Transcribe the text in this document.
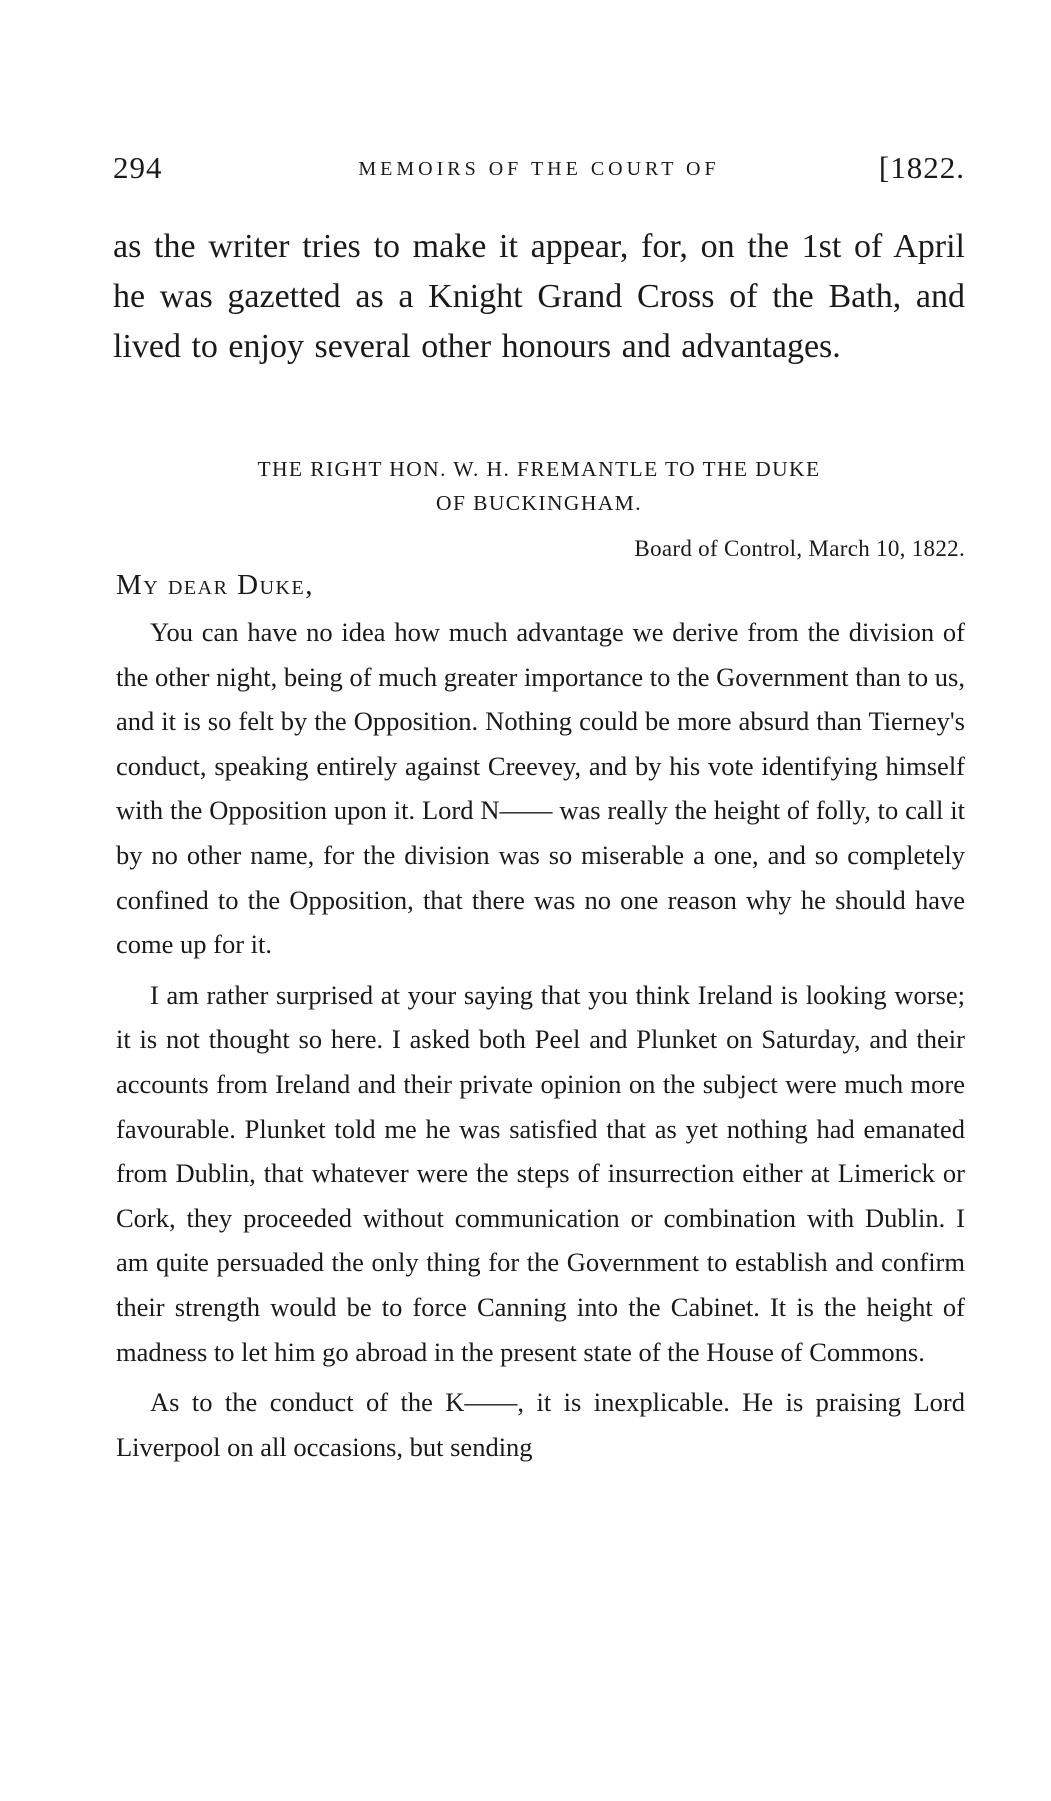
294	MEMOIRS OF THE COURT OF	[1822.
as the writer tries to make it appear, for, on the 1st of April he was gazetted as a Knight Grand Cross of the Bath, and lived to enjoy several other honours and advantages.
THE RIGHT HON. W. H. FREMANTLE TO THE DUKE
OF BUCKINGHAM.
Board of Control, March 10, 1822.
My dear Duke,

You can have no idea how much advantage we derive from the division of the other night, being of much greater importance to the Government than to us, and it is so felt by the Opposition. Nothing could be more absurd than Tierney's conduct, speaking entirely against Creevey, and by his vote identifying himself with the Opposition upon it. Lord N—— was really the height of folly, to call it by no other name, for the division was so miserable a one, and so completely confined to the Opposition, that there was no one reason why he should have come up for it.

I am rather surprised at your saying that you think Ireland is looking worse; it is not thought so here. I asked both Peel and Plunket on Saturday, and their accounts from Ireland and their private opinion on the subject were much more favourable. Plunket told me he was satisfied that as yet nothing had emanated from Dublin, that whatever were the steps of insurrection either at Limerick or Cork, they proceeded without communication or combination with Dublin. I am quite persuaded the only thing for the Government to establish and confirm their strength would be to force Canning into the Cabinet. It is the height of madness to let him go abroad in the present state of the House of Commons.

As to the conduct of the K——, it is inexplicable. He is praising Lord Liverpool on all occasions, but sending
